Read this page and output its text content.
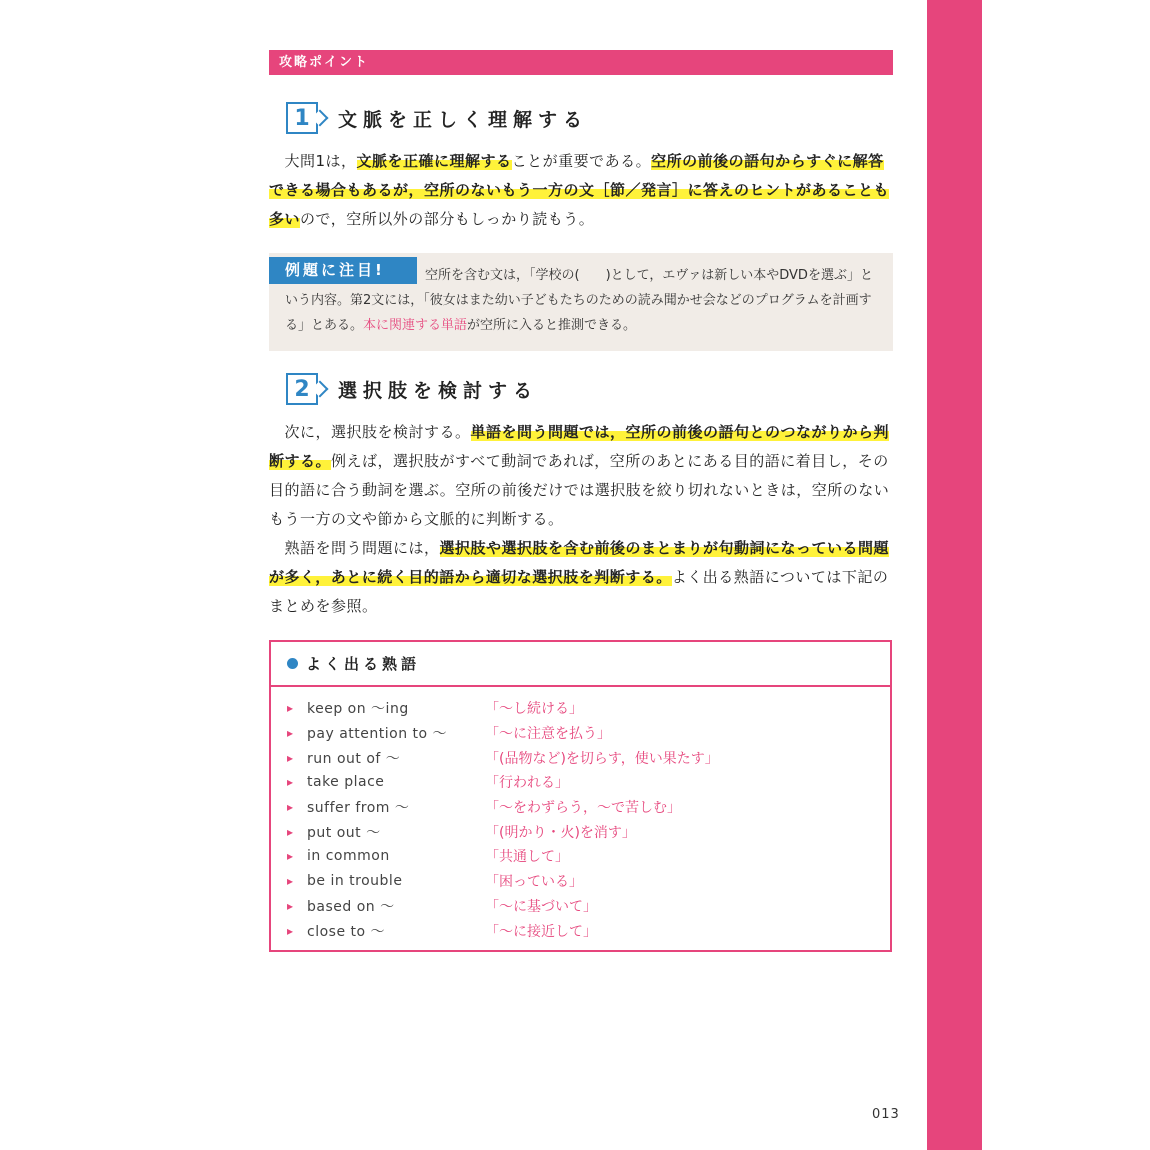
攻略ポイント
1	文脈を正しく理解する
　大問1は，文脈を正確に理解することが重要である。空所の前後の語句からすぐに解答できる場合もあるが，空所のないもう一方の文［節／発言］に答えのヒントがあることも多いので，空所以外の部分もしっかり読もう。
例題に注目!	空所を含む文は，「学校の(　　)として，エヴァは新しい本やDVDを選ぶ」という内容。第2文には，「彼女はまた幼い子どもたちのための読み聞かせ会などのプログラムを計画する」とある。本に関連する単語が空所に入ると推測できる。
2	選択肢を検討する
　次に，選択肢を検討する。単語を問う問題では，空所の前後の語句とのつながりから判断する。例えば，選択肢がすべて動詞であれば，空所のあとにある目的語に着目し，その目的語に合う動詞を選ぶ。空所の前後だけでは選択肢を絞り切れないときは，空所のないもう一方の文や節から文脈的に判断する。
　熟語を問う問題には，選択肢や選択肢を含む前後のまとまりが句動詞になっている問題が多く，あとに続く目的語から適切な選択肢を判断する。よく出る熟語については下記のまとめを参照。
よく出る熟語
▸ keep on 〜ing	「〜し続ける」
▸ pay attention to 〜	「〜に注意を払う」
▸ run out of 〜	「(品物など)を切らす，使い果たす」
▸ take place	「行われる」
▸ suffer from 〜	「〜をわずらう，〜で苦しむ」
▸ put out 〜	「(明かり・火)を消す」
▸ in common	「共通して」
▸ be in trouble	「困っている」
▸ based on 〜	「〜に基づいて」
▸ close to 〜	「〜に接近して」
013
